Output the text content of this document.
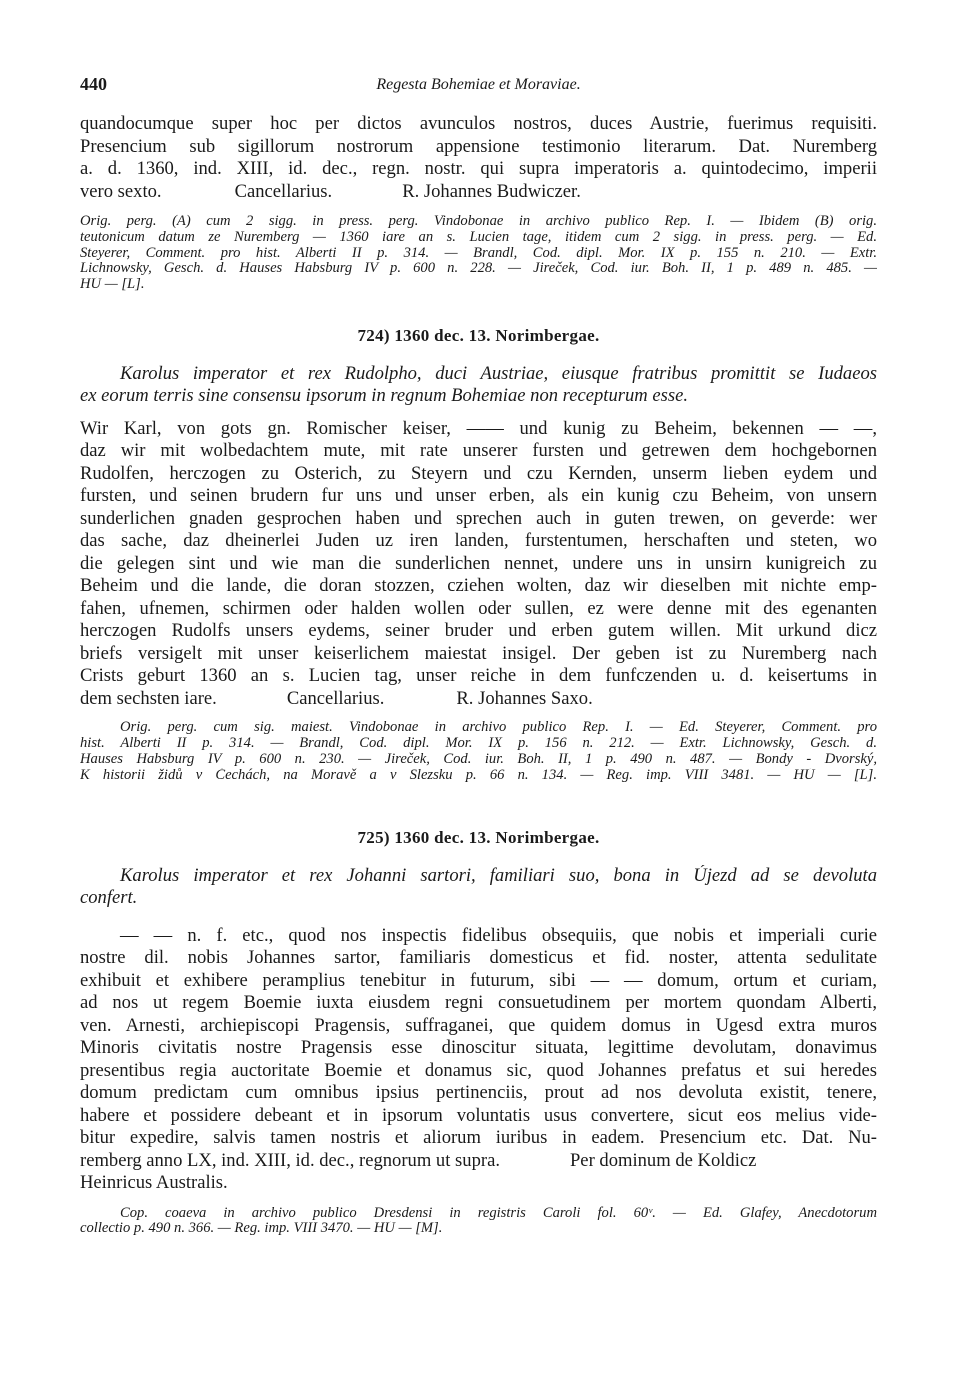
440	Regesta Bohemiae et Moraviae.
quandocumque super hoc per dictos avunculos nostros, duces Austrie, fuerimus requisiti.
Presencium sub sigillorum nostrorum appensione testimonio literarum. Dat. Nuremberg
a. d. 1360, ind. XIII, id. dec., regn. nostr. qui supra imperatoris a. quintodecimo, imperii
vero sexto.	Cancellarius.	R. Johannes Budwiczer.
Orig. perg. (A) cum 2 sigg. in press. perg. Vindobonae in archivo publico Rep. I. — Ibidem (B) orig.
teutonicum datum ze Nuremberg — 1360 iare an s. Lucien tage, itidem cum 2 sigg. in press. perg. — Ed.
Steyerer, Comment. pro hist. Alberti II p. 314. — Brandl, Cod. dipl. Mor. IX p. 155 n. 210. — Extr.
Lichnowsky, Gesch. d. Hauses Habsburg IV p. 600 n. 228. — Jireček, Cod. iur. Boh. II, 1 p. 489 n. 485. —
HÚ — [L].
724) 1360 dec. 13. Norimbergae.
Karolus imperator et rex Rudolpho, duci Austriae, eiusque fratribus promittit se Iudaeos
ex eorum terris sine consensu ipsorum in regnum Bohemiae non recepturum esse.
Wir Karl, von gots gn. Romischer keiser, —— und kunig zu Beheim, bekennen — —,
daz wir mit wolbedachtem mute, mit rate unserer fursten und getrewen dem hochgebornen
Rudolfen, herczogen zu Osterich, zu Steyern und czu Kernden, unserm lieben eydem und
fursten, und seinen brudern fur uns und unser erben, als ein kunig czu Beheim, von unsern
sunderlichen gnaden gesprochen haben und sprechen auch in guten trewen, on geverde: wer
das sache, daz dheinerlei Juden uz iren landen, furstentumen, herschaften und steten, wo
die gelegen sint und wie man die sunderlichen nennet, undere uns in unsirn kunigreich zu
Beheim und die lande, die doran stozzen, cziehen wolten, daz wir dieselben mit nichte emp-
fahen, ufnemen, schirmen oder halden wollen oder sullen, ez were denne mit des egenanten
herczogen Rudolfs unsers eydems, seiner bruder und erben gutem willen. Mit urkund dicz
briefs versigelt mit unser keiserlichem maiestat insigel. Der geben ist zu Nuremberg nach
Crists geburt 1360 an s. Lucien tag, unser reiche in dem funfczenden u. d. keisertums in
dem sechsten iare.	Cancellarius.	R. Johannes Saxo.
Orig. perg. cum sig. maiest. Vindobonae in archivo publico Rep. I. — Ed. Steyerer, Comment. pro
hist. Alberti II p. 314. — Brandl, Cod. dipl. Mor. IX p. 156 n. 212. — Extr. Lichnowsky, Gesch. d.
Hauses Habsburg IV p. 600 n. 230. — Jireček, Cod. iur. Boh. II, 1 p. 490 n. 487. — Bondy - Dvorský,
K historii židů v Čechách, na Moravě a v Slezsku p. 66 n. 134. — Reg. imp. VIII 3481. — HÚ — [L].
725) 1360 dec. 13. Norimbergae.
Karolus imperator et rex Johanni sartori, familiari suo, bona in Újezd ad se devoluta
confert.
— — n. f. etc., quod nos inspectis fidelibus obsequiis, que nobis et imperiali curie
nostre dil. nobis Johannes sartor, familiaris domesticus et fid. noster, attenta sedulitate
exhibuit et exhibere peramplius tenebitur in futurum, sibi — — domum, ortum et curiam,
ad nos ut regem Boemie iuxta eiusdem regni consuetudinem per mortem quondam Alberti,
ven. Arnesti, archiepiscopi Pragensis, suffraganei, que quidem domus in Ugesd extra muros
Minoris civitatis nostre Pragensis esse dinoscitur situata, legittime devolutam, donavimus
presentibus regia auctoritate Boemie et donamus sic, quod Johannes prefatus et sui heredes
domum predictam cum omnibus ipsius pertinenciis, prout ad nos devoluta existit, tenere,
habere et possidere debeant et in ipsorum voluntatis usus convertere, sicut eos melius vide-
bitur expedire, salvis tamen nostris et aliorum iuribus in eadem. Presencium etc. Dat. Nu-
remberg anno LX, ind. XIII, id. dec., regnorum ut supra.	Per dominum de Koldicz
Heinricus Australis.
Cop. coaeva in archivo publico Dresdensi in registris Caroli fol. 60ᵛ. — Ed. Glafey, Anecdotorum
collectio p. 490 n. 366. — Reg. imp. VIII 3470. — HÚ — [M].
